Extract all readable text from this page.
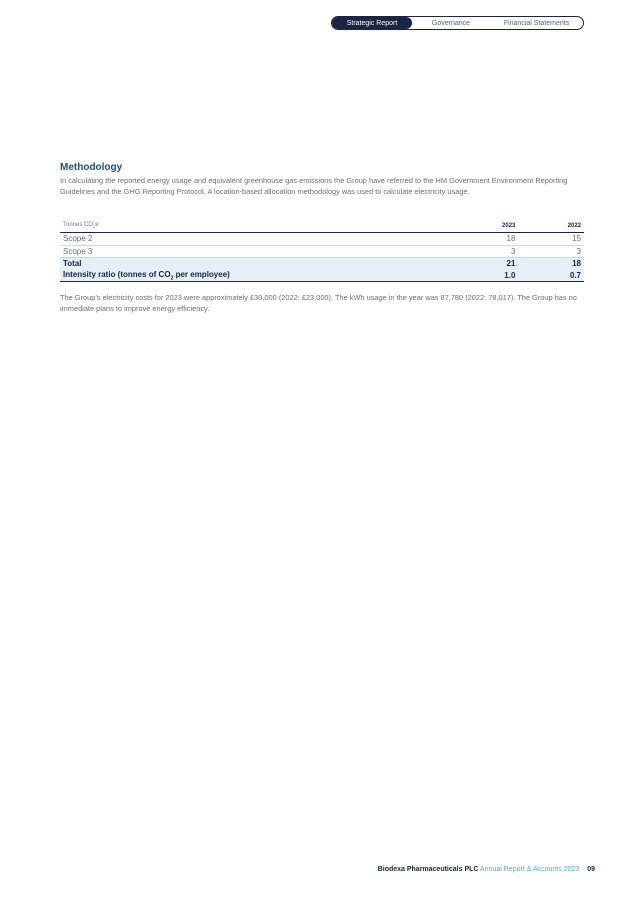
Strategic Report	Governance	Financial Statements
Methodology
In calculating the reported energy usage and equivalent greenhouse gas emissions the Group have referred to the HM Government Environment Reporting Guidelines and the GHG Reporting Protocol. A location-based allocation methodology was used to calculate electricity usage.
Tonnes $CO_2e$	2023	2022
Scope 2	18	15
Scope 3	3	3
Total	21	18
Intensity ratio (tonnes of $CO_2$ per employee)	1.0	0.7
The Group’s electricity costs for 2023 were approximately £30,000 (2022: £23,000). The kWh usage in the year was 87,780 (2022: 78,017). The Group has no immediate plans to improve energy efficiency.
Biodexa Pharmaceuticals PLC Annual Report & Accounts 2023 09
